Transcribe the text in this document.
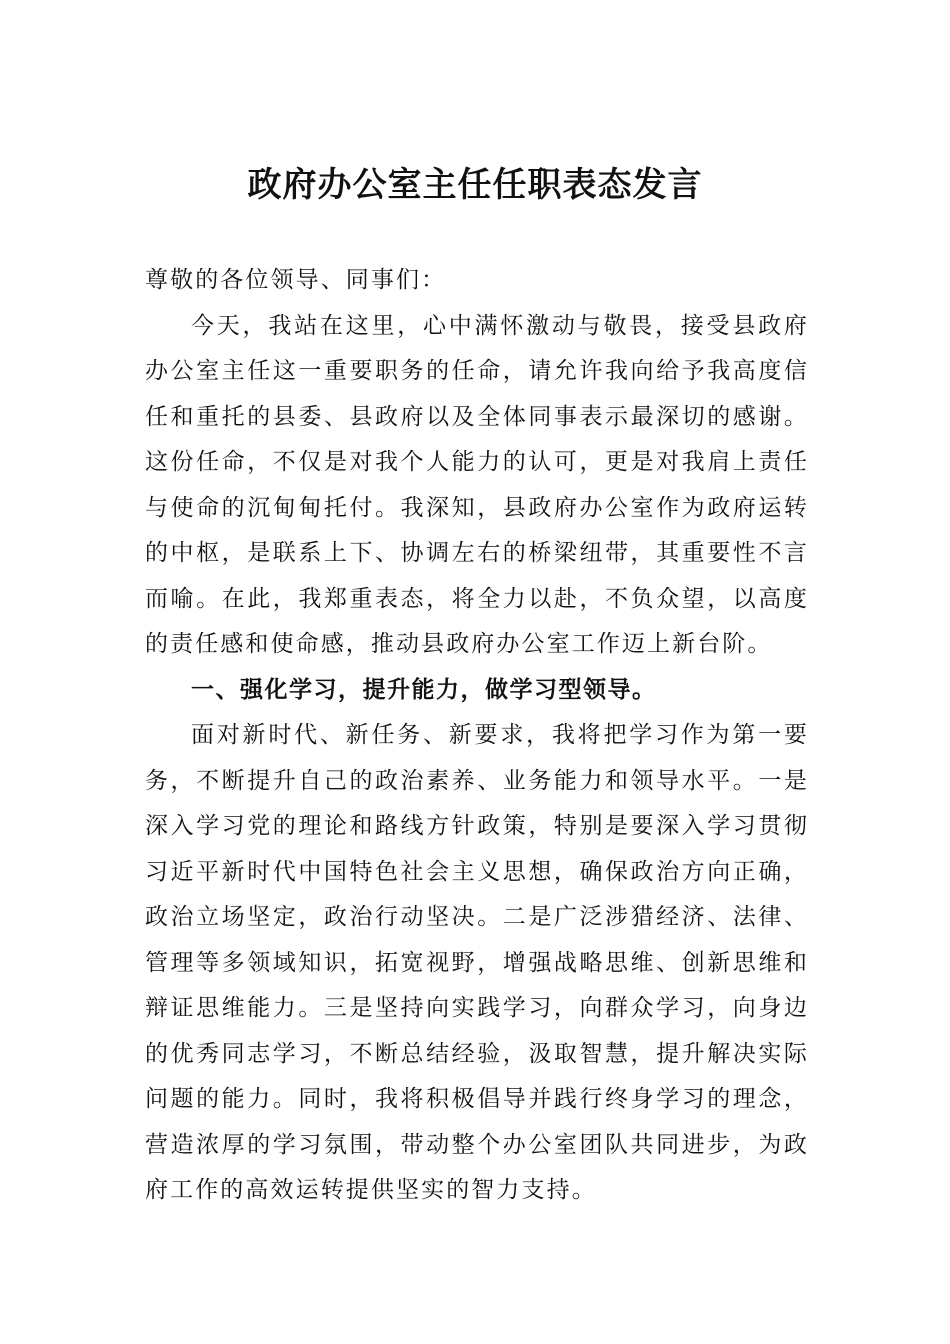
政府办公室主任任职表态发言

尊敬的各位领导、同事们：

今天，我站在这里，心中满怀激动与敬畏，接受县政府办公室主任这一重要职务的任命，请允许我向给予我高度信任和重托的县委、县政府以及全体同事表示最深切的感谢。这份任命，不仅是对我个人能力的认可，更是对我肩上责任与使命的沉甸甸托付。我深知，县政府办公室作为政府运转的中枢，是联系上下、协调左右的桥梁纽带，其重要性不言而喻。在此，我郑重表态，将全力以赴，不负众望，以高度的责任感和使命感，推动县政府办公室工作迈上新台阶。

一、强化学习，提升能力，做学习型领导。

面对新时代、新任务、新要求，我将把学习作为第一要务，不断提升自己的政治素养、业务能力和领导水平。一是深入学习党的理论和路线方针政策，特别是要深入学习贯彻习近平新时代中国特色社会主义思想，确保政治方向正确，政治立场坚定，政治行动坚决。二是广泛涉猎经济、法律、管理等多领域知识，拓宽视野，增强战略思维、创新思维和辩证思维能力。三是坚持向实践学习，向群众学习，向身边的优秀同志学习，不断总结经验，汲取智慧，提升解决实际问题的能力。同时，我将积极倡导并践行终身学习的理念，营造浓厚的学习氛围，带动整个办公室团队共同进步，为政府工作的高效运转提供坚实的智力支持。
